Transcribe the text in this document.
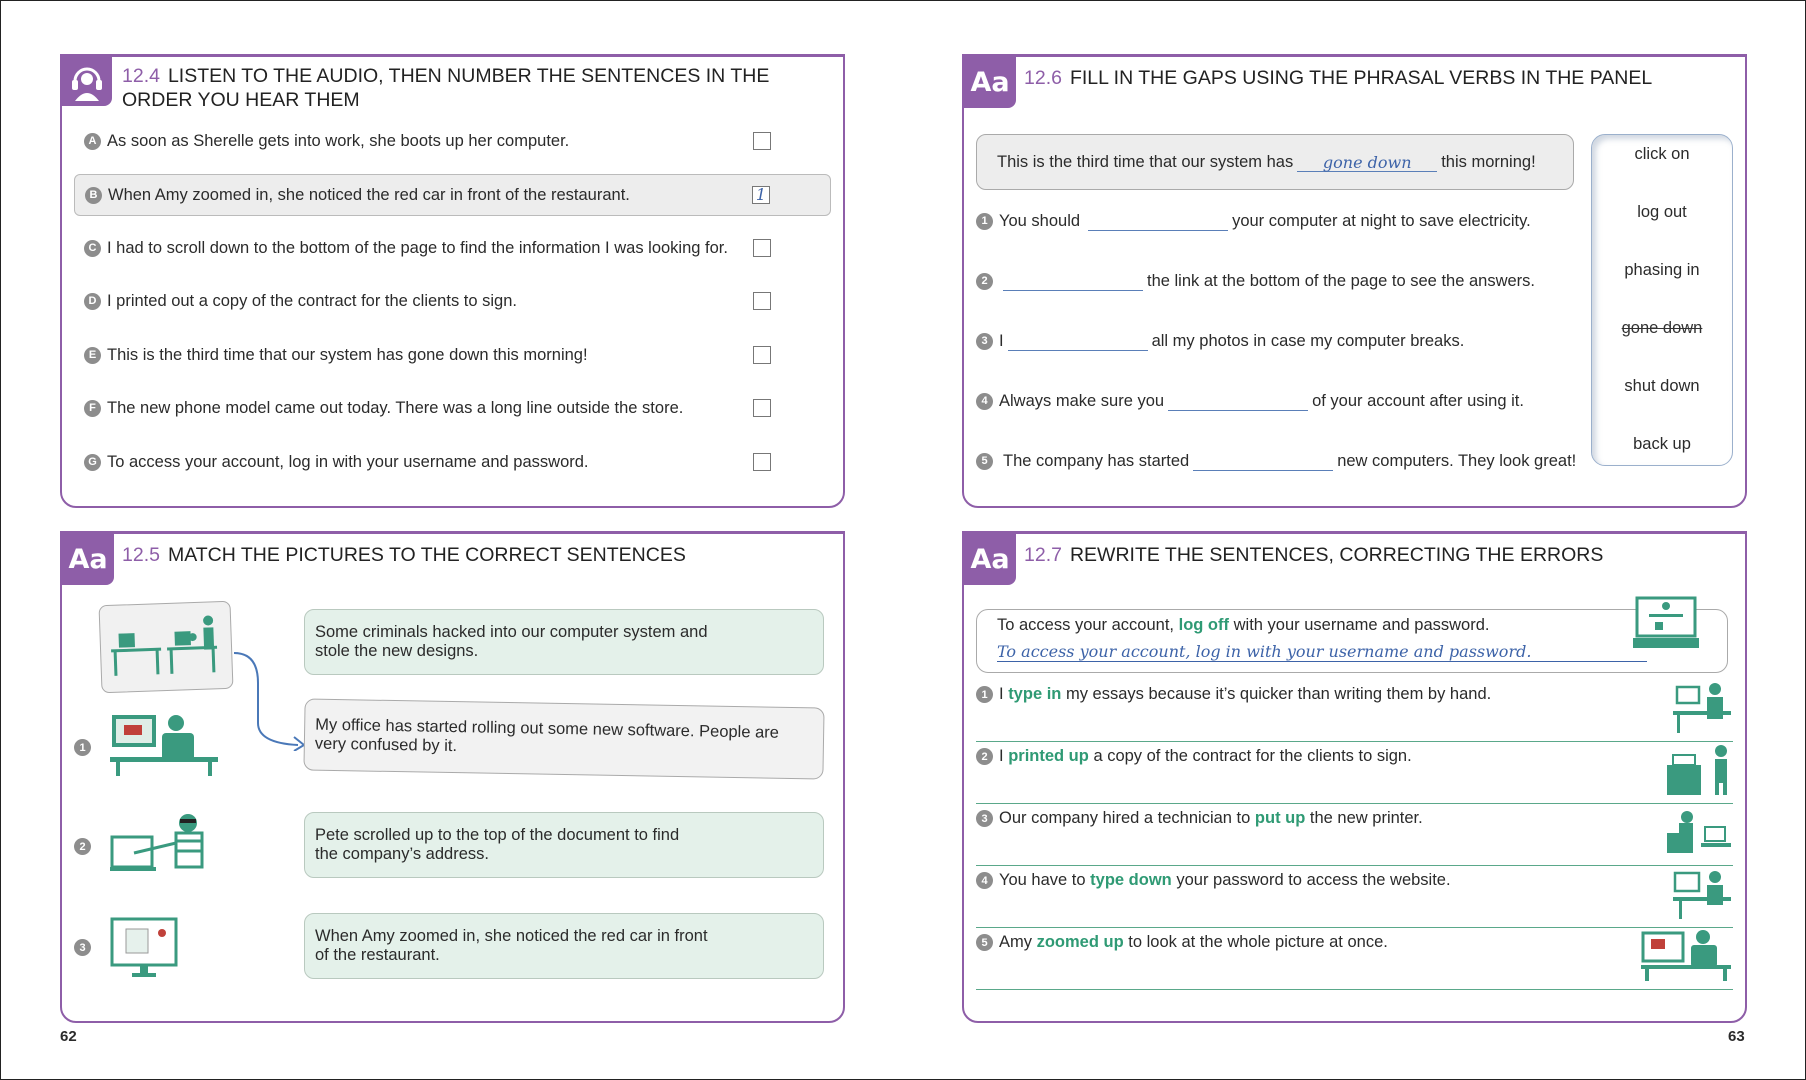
12.4 LISTEN TO THE AUDIO, THEN NUMBER THE SENTENCES IN THE ORDER YOU HEAR THEM
A As soon as Sherelle gets into work, she boots up her computer.
B When Amy zoomed in, she noticed the red car in front of the restaurant.	1
C I had to scroll down to the bottom of the page to find the information I was looking for.
D I printed out a copy of the contract for the clients to sign.
E This is the third time that our system has gone down this morning!
F The new phone model came out today. There was a long line outside the store.
G To access your account, log in with your username and password.
Aa 12.6 FILL IN THE GAPS USING THE PHRASAL VERBS IN THE PANEL
This is the third time that our system has	gone down	this morning!
1 You should	your computer at night to save electricity.
2	the link at the bottom of the page to see the answers.
3 I	all my photos in case my computer breaks.
4 Always make sure you	of your account after using it.
5 The company has started	new computers. They look great!
click on
log out
phasing in
gone down
shut down
back up
Aa 12.5 MATCH THE PICTURES TO THE CORRECT SENTENCES
Some criminals hacked into our computer system and stole the new designs.
My office has started rolling out some new software. People are very confused by it.
Pete scrolled up to the top of the document to find the company’s address.
When Amy zoomed in, she noticed the red car in front of the restaurant.
1
2
3
Aa 12.7 REWRITE THE SENTENCES, CORRECTING THE ERRORS
To access your account, log off with your username and password.
To access your account, log in with your username and password.
1 I
type in
my essays because it’s quicker than writing them by hand.
2 I
printed up
a copy of the contract for the clients to sign.
3 Our company hired a technician to
put up
the new printer.
4 You have to
type down
your password to access the website.
5 Amy
zoomed up
to look at the whole picture at once.
62	63
